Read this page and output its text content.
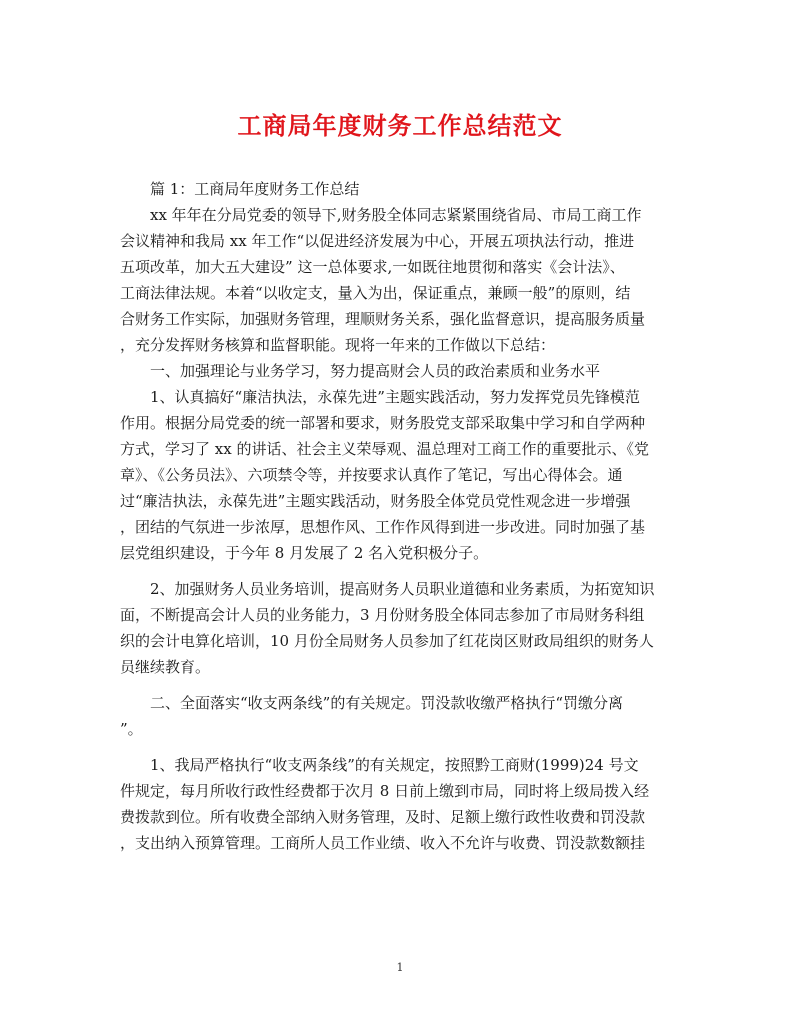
工商局年度财务工作总结范文
　　篇 1：工商局年度财务工作总结
　　xx 年年在分局党委的领导下,财务股全体同志紧紧围绕省局、市局工商工作
会议精神和我局 xx 年工作“以促进经济发展为中心，开展五项执法行动，推进
五项改革，加大五大建设” 这一总体要求,一如既往地贯彻和落实《会计法》、
工商法律法规。本着“以收定支，量入为出，保证重点，兼顾一般”的原则，结
合财务工作实际，加强财务管理，理顺财务关系，强化监督意识，提高服务质量
，充分发挥财务核算和监督职能。现将一年来的工作做以下总结：
　　一、加强理论与业务学习，努力提高财会人员的政治素质和业务水平
　　1、认真搞好“廉洁执法，永葆先进”主题实践活动，努力发挥党员先锋模范
作用。根据分局党委的统一部署和要求，财务股党支部采取集中学习和自学两种
方式，学习了 xx 的讲话、社会主义荣辱观、温总理对工商工作的重要批示、《党
章》、《公务员法》、六项禁令等，并按要求认真作了笔记，写出心得体会。通
过“廉洁执法，永葆先进”主题实践活动，财务股全体党员党性观念进一步增强
，团结的气氛进一步浓厚，思想作风、工作作风得到进一步改进。同时加强了基
层党组织建设，于今年 8 月发展了 2 名入党积极分子。
　　2、加强财务人员业务培训，提高财务人员职业道德和业务素质，为拓宽知识
面，不断提高会计人员的业务能力，3 月份财务股全体同志参加了市局财务科组
织的会计电算化培训，10 月份全局财务人员参加了红花岗区财政局组织的财务人
员继续教育。
　　二、全面落实“收支两条线”的有关规定。罚没款收缴严格执行“罚缴分离
”。
　　1、我局严格执行“收支两条线”的有关规定，按照黔工商财(1999)24 号文
件规定，每月所收行政性经费都于次月 8 日前上缴到市局，同时将上级局拨入经
费拨款到位。所有收费全部纳入财务管理，及时、足额上缴行政性收费和罚没款
，支出纳入预算管理。工商所人员工作业绩、收入不允许与收费、罚没款数额挂
1
